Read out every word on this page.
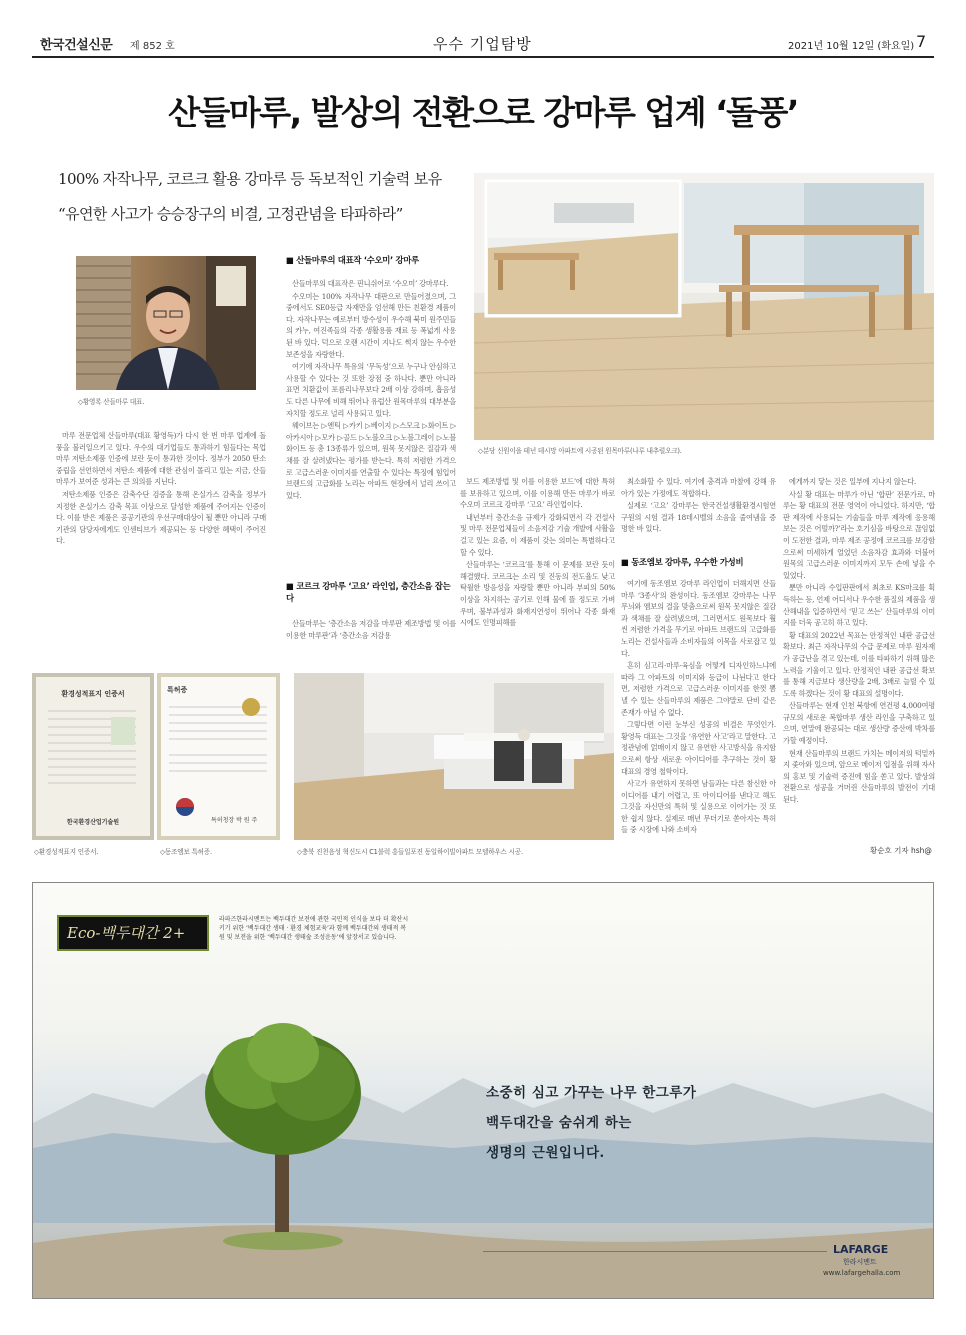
한국건설신문 제 852 호	우수 기업탐방	2021년 10월 12일 (화요일) 7
산들마루, 발상의 전환으로 강마루 업계 ‘돌풍’
100% 자작나무, 코르크 활용 강마루 등 독보적인 기술력 보유
“유연한 사고가 승승장구의 비결, 고정관념을 타파하라”
◇황영록 산들마루 대표.
◇분당 신원이을 테넌 데시망 아파트에 시공된 원목마루(나루 내추럴오크).

마루 전문업체 산들마루(대표 황영득)가 다시 한 번 마루 업계에 돌풍을 불러일으키고 있다. 우수의 대기업들도 통과하기 힘들다는 목업마루 저탄소제품 인증에 보란 듯이 통과한 것이다. 정부가 2050 탄소중립을 선언하면서 저탄소 제품에 대한 관심이 몰리고 있는 지금, 산들마루가 보여준 성과는 큰 의의를 지닌다.

저탄소제품 인증은 감축수단 검증을 통해 온실가스 감축을 정부가 지정한 온실가스 감축 목표 이상으로 달성한 제품에 주어지는 인증이다. 이를 받은 제품은 공공기관의 우선구매대상이 될 뿐만 아니라 구매기관의 담당자에게도 인센티브가 제공되는 등 다양한 혜택이 주어진다.

■ 산들마루의 대표작 ‘수오미’ 강마루

산들마루의 대표작은 핀니쉬어로 ‘수오미’ 강마루다.

수오미는 100% 자작나무 대판으로 만들어졌으며, 그 중에서도 SE0등급 자재만을 엄선해 만든 친환경 제품이다. 자작나무는 예로부터 방수성이 우수해 북미 원주민들의 카누, 여진족들의 각종 생활용품 재료 등 폭넓게 사용된 바 있다. 덕으로 오랜 시간이 지나도 썩지 않는 우수한 보존성을 자랑한다.

여기에 자작나무 특유의 ‘무독성’으로 누구나 안심하고 사용할 수 있다는 것 또한 장점 중 하나다. 뿐만 아니라 표면 치환값이 포름리나무보다 2배 이상 강하며, 흡음성도 다른 나무에 비해 뛰어나 유럽산 원목마루의 대부분을 자치할 정도로 널리 사용되고 있다.

웨이브는 ▷엔틱 ▷카키 ▷베이지 ▷스모크 ▷화이트 ▷아카시아 ▷모카 ▷골드 ▷노블오크 ▷노블그레이 ▷노블화이트 등 총 13종류가 있으며, 원목 못지않은 질감과 색채를 잘 살려냈다는 평가를 받는다. 특히 저렴한 가격으로 고급스러운 이미지를 연출할 수 있다는 특징에 힘입어 브랜드의 고급화를 노리는 아파트 현장에서 널리 쓰이고 있다.

■ 코르크 강마루 ‘고요’ 라인업, 층간소음 잡는다

산들마루는 ‘층간소음 저감을 마루판 제조방법 및 이를 이용한 마루판’과 ‘층간소음 저감용

보드 제조방법 및 이를 이용한 보드’에 대한 특허를 보유하고 있으며, 이를 이용해 만든 마루가 바로 수오미 코르크 강마루 ‘고요’ 라인업이다.

내년부터 층간소음 규제가 강화되면서 각 건설사 및 마루 전문업체들이 소음저감 기술 개발에 사활을 걸고 있는 요즘, 이 제품이 갖는 의미는 특별하다고 할 수 있다.

산들마루는 ‘코르크’를 통해 이 문제를 보란 듯이 해결했다. 코르크는 소리 및 진동의 전도율도 낮고 탁월한 방음성을 자랑할 뿐만 아니라 부피의 50% 이상을 차지하는 공기로 인해 물에 뜰 정도로 가벼우며, 불부과성과 화재지연성이 뛰어나 각종 화재 시에도 인명피해를

최소화할 수 있다. 여기에 충격과 마찰에 강해 유아가 있는 가정에도 적합하다.

실제로 ‘고요’ 강마루는 한국건설생활환경시험연구원의 시험 결과 18데시벨의 소음을 줄여냄을 증명한 바 있다.

■ 동조엠보 강마루, 우수한 가성비

여기에 동조엠보 강마루 라인업이 더해지면 산들마루 ‘3종사’의 완성이다. 동조엠보 강마루는 나무무늬와 엠보의 결을 맞춤으로써 원목 못지않은 질감과 색채를 잘 살려냈으며, 그러면서도 원목보다 훨씬 저렴한 가격을 무기로 아파트 브랜드의 고급화를 노리는 건설사들과 소비자들의 이목을 사로잡고 있다.

흔히 심고리·마루·육심을 어떻게 디자인하느냐에 따라 그 아파트의 이미지와 등급이 나뉜다고 한다면, 저렴한 가격으로 고급스러운 이미지를 한껏 뽐낼 수 있는 산들마루의 제품은 그야말로 단비 같은 존재가 아닐 수 없다.

그렇다면 이런 눈부신 성공의 비결은 무엇인가. 황영득 대표는 그것을 ‘유연한 사고’라고 말한다. 고정관념에 얽매이지 않고 유연한 사고방식을 유지함으로써 항상 새로운 아이디어를 추구하는 것이 황 대표의 경영 철학이다.

사고가 유연하지 못하면 남들과는 다른 참신한 아이디어를 내기 어렵고, 또 아이디어를 낸다고 해도 그것을 자신만의 특허 및 실용으로 이어가는 것 또한 쉽지 않다. 실제로 매년 무더기로 쏟아지는 특허들 중 시장에 나와 소비자

에게까지 닿는 것은 일부에 지나지 않는다.

사실 황 대표는 마루가 아닌 ‘합판’ 전문가로, 마루는 황 대표의 전문 영역이 아니었다. 하지만, ‘합판 제작에 사용되는 기술들을 마루 제작에 응용해 보는 것은 어떨까?’라는 호기심을 바탕으로 끊임없이 도전한 결과, 마루 제조 공정에 코르크를 보강함으로써 미세하게 얼었던 소음차감 효과와 더불어 원목의 고급스러운 이미지까지 모두 손에 넣을 수 있었다.

뿐만 아니라 수입판판에서 최초로 KS마크를 획득하는 등, 언제 어디서나 우수한 품질의 제품을 생산해내을 입증하면서 ‘믿고 쓰는’ 산들마루의 이미지를 더욱 공고히 하고 있다.

황 대표의 2022년 목표는 안정적인 내판 공급선 확보다. 최근 자작나무의 수급 문제로 마루 원자재가 공급난을 겪고 있는데, 이를 타파하기 위해 많은 노력을 기울이고 있다. 안정적인 내판 공급선 확보를 통해 지금보다 생산량을 2배, 3배로 늘릴 수 있도록 하겠다는 것이 황 대표의 설명이다.

산들마루는 현재 인천 북항에 연건평 4,000여평 규모의 새로운 복합마루 생산 라인을 구축하고 있으며, 연말에 완공되는 대로 생산량 증산에 박차를 가할 예정이다.

현재 산들마루의 브랜드 가치는 메이저의 턱밑까지 좇아와 있으며, 앞으로 메이저 입점을 위해 자사의 홍보 및 기술력 증진에 힘을 쏟고 있다. 발상의 전환으로 성공을 거머쥔 산들마루의 발전이 기대된다.

황순호 기자 hsh@
환경성적표지 인증서
한국환경산업기술원
◇환경성적표지 인증서.
특허증
특허청장 박 원 주
◇동조엠보 특허증.	◇충북 진천음성 혁신도시 C1블럭 흥들일포진 동일하이빌아파트 모델하우스 시공.
Eco-백두대간 2+
라파즈한라시멘트는 백두대간 보전에 관한 국민적 인식을 보다 더 확산시키기 위한 ‘백두대간 생태 · 환경 체험교육’과 함께 백두대간의 생태적 복원 및 보전을 위한 ‘백두대간 생태숲 조성운동’에 앞장서고 있습니다.
소중히 심고 가꾸는 나무 한그루가
백두대간을 숨쉬게 하는
생명의 근원입니다.
LAFARGE
한라시멘트
www.lafargehalla.com
